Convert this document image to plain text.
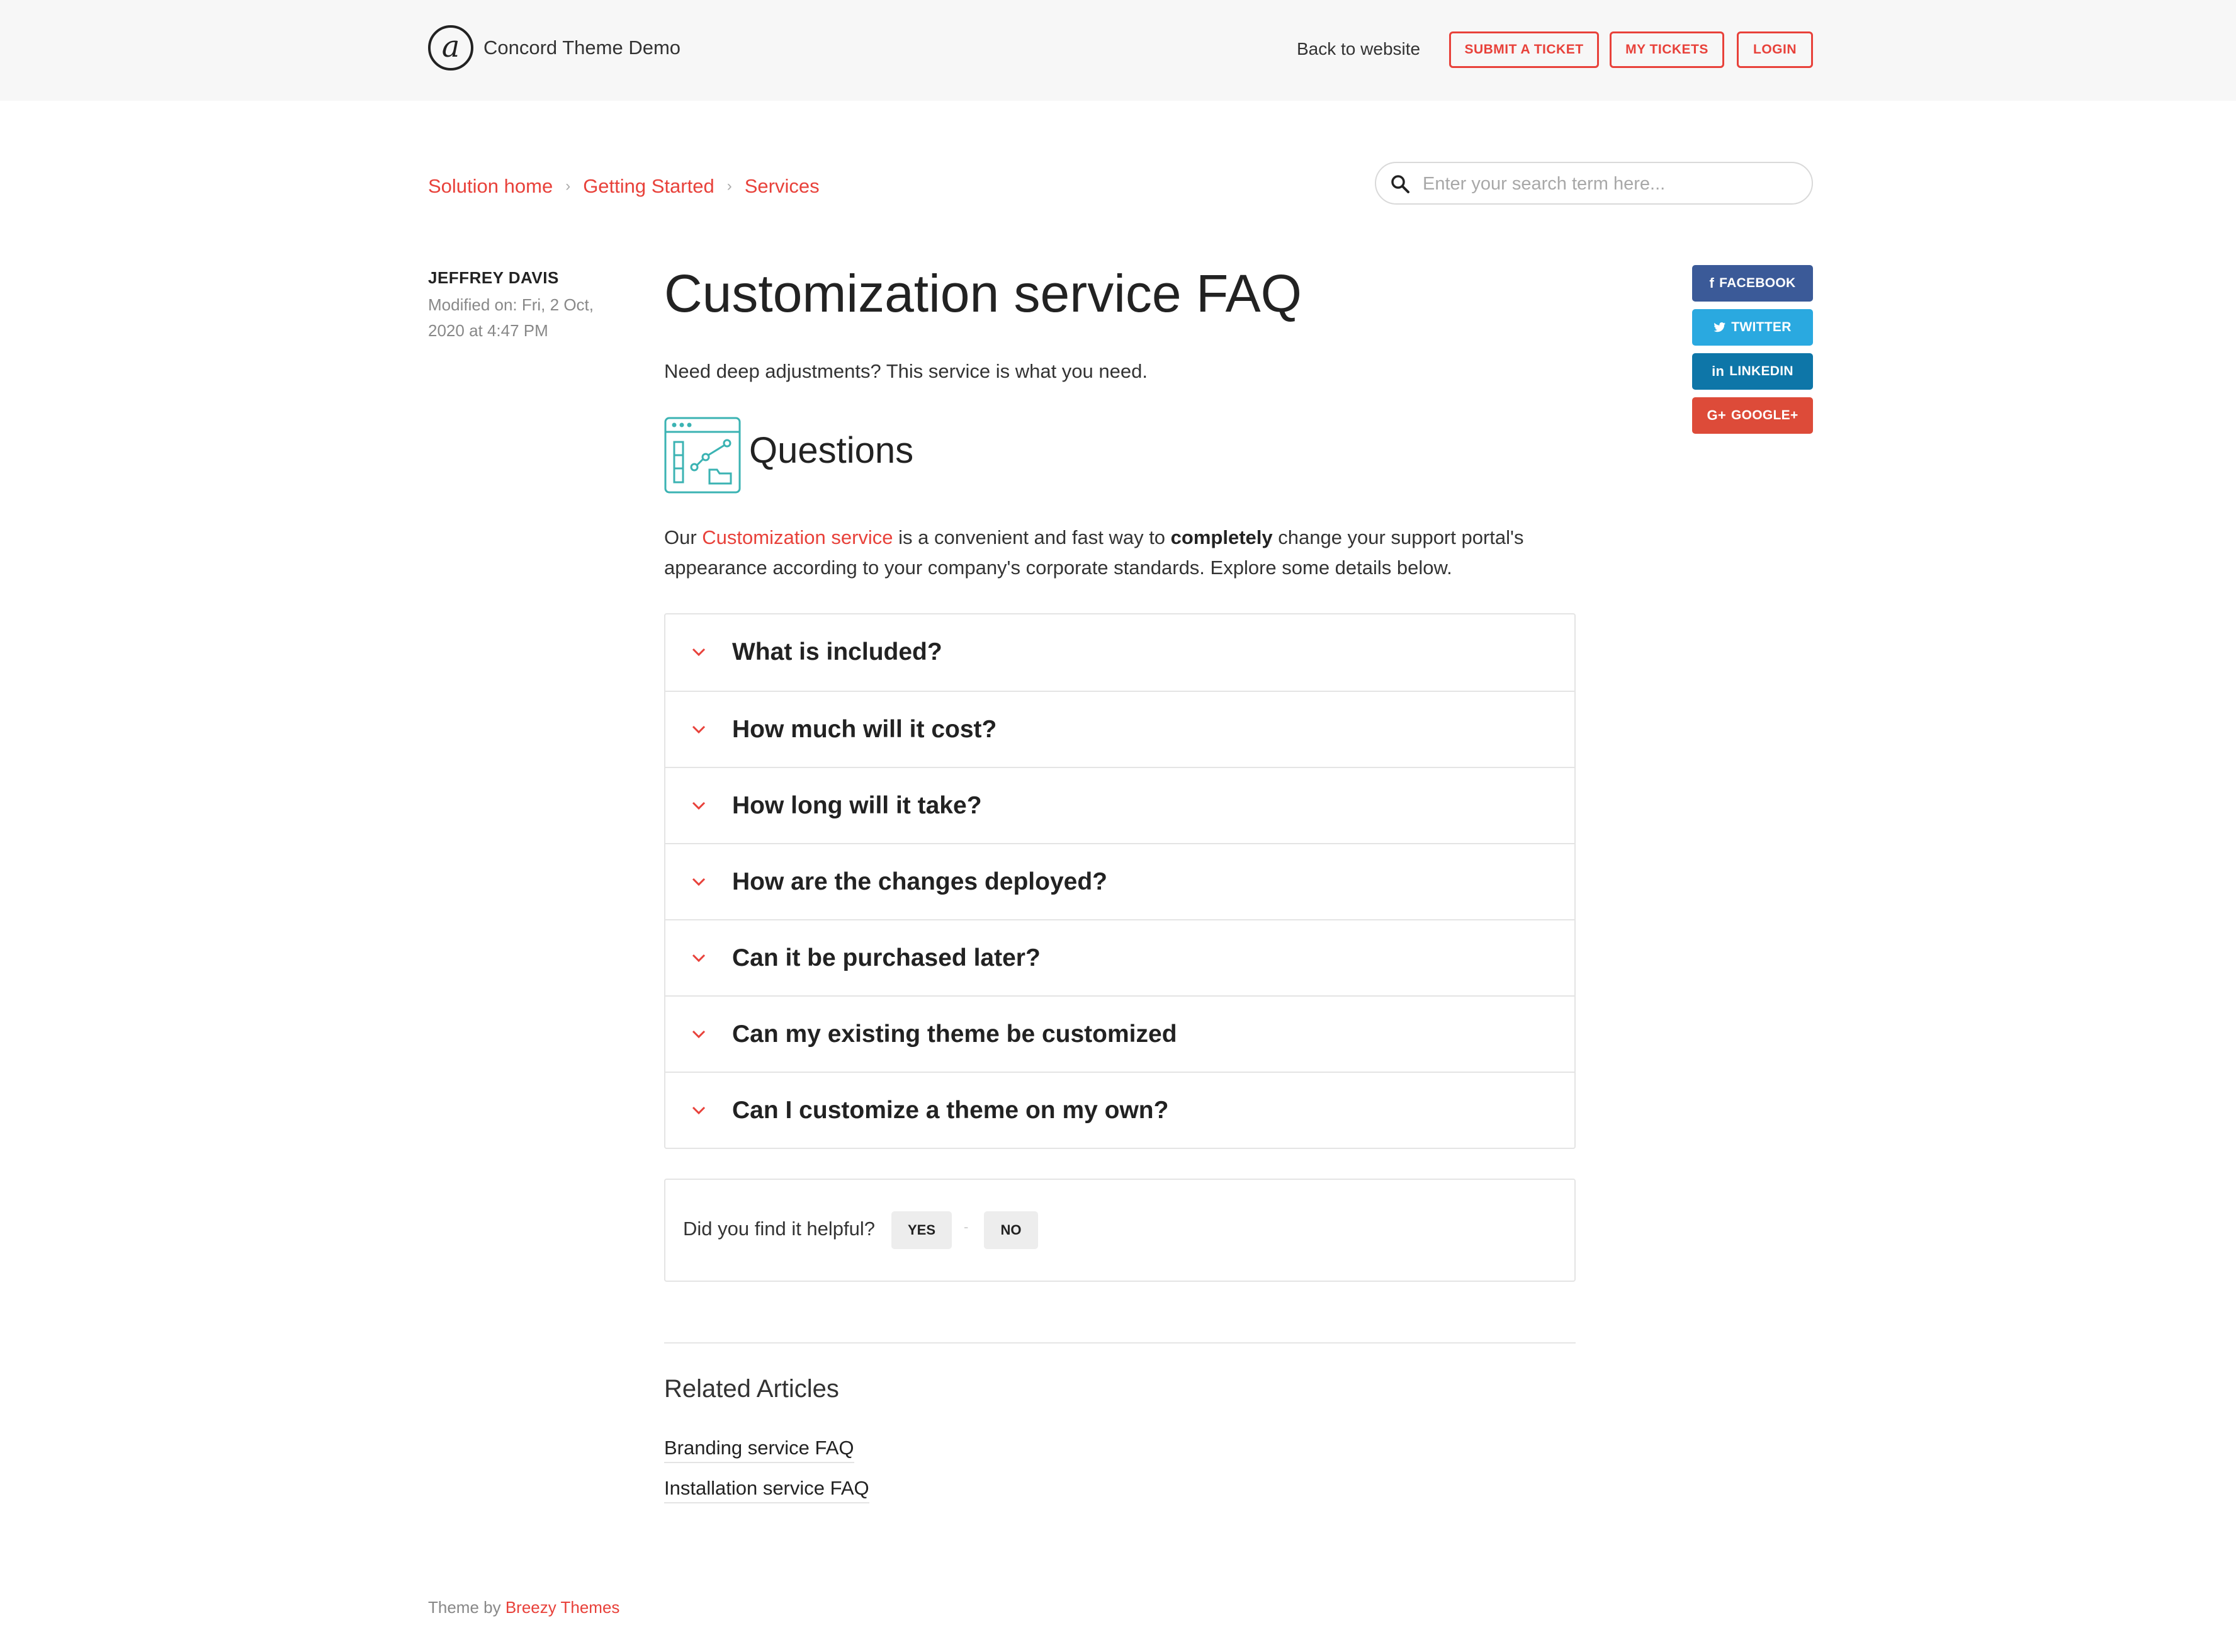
a	Concord Theme Demo	Back to website	SUBMIT A TICKET	MY TICKETS	LOGIN
Solution home › Getting Started › Services
Enter your search term here...
JEFFREY DAVIS
Modified on: Fri, 2 Oct, 2020 at 4:47 PM
Customization service FAQ
Need deep adjustments? This service is what you need.
Questions
Our Customization service is a convenient and fast way to completely change your support portal's appearance according to your company's corporate standards. Explore some details below.
What is included?
How much will it cost?
How long will it take?
How are the changes deployed?
Can it be purchased later?
Can my existing theme be customized
Can I customize a theme on my own?
Did you find it helpful?	YES	-	NO
Related Articles
Branding service FAQ
Installation service FAQ
f FACEBOOK
TWITTER
in LINKEDIN
G+ GOOGLE+
Theme by Breezy Themes
